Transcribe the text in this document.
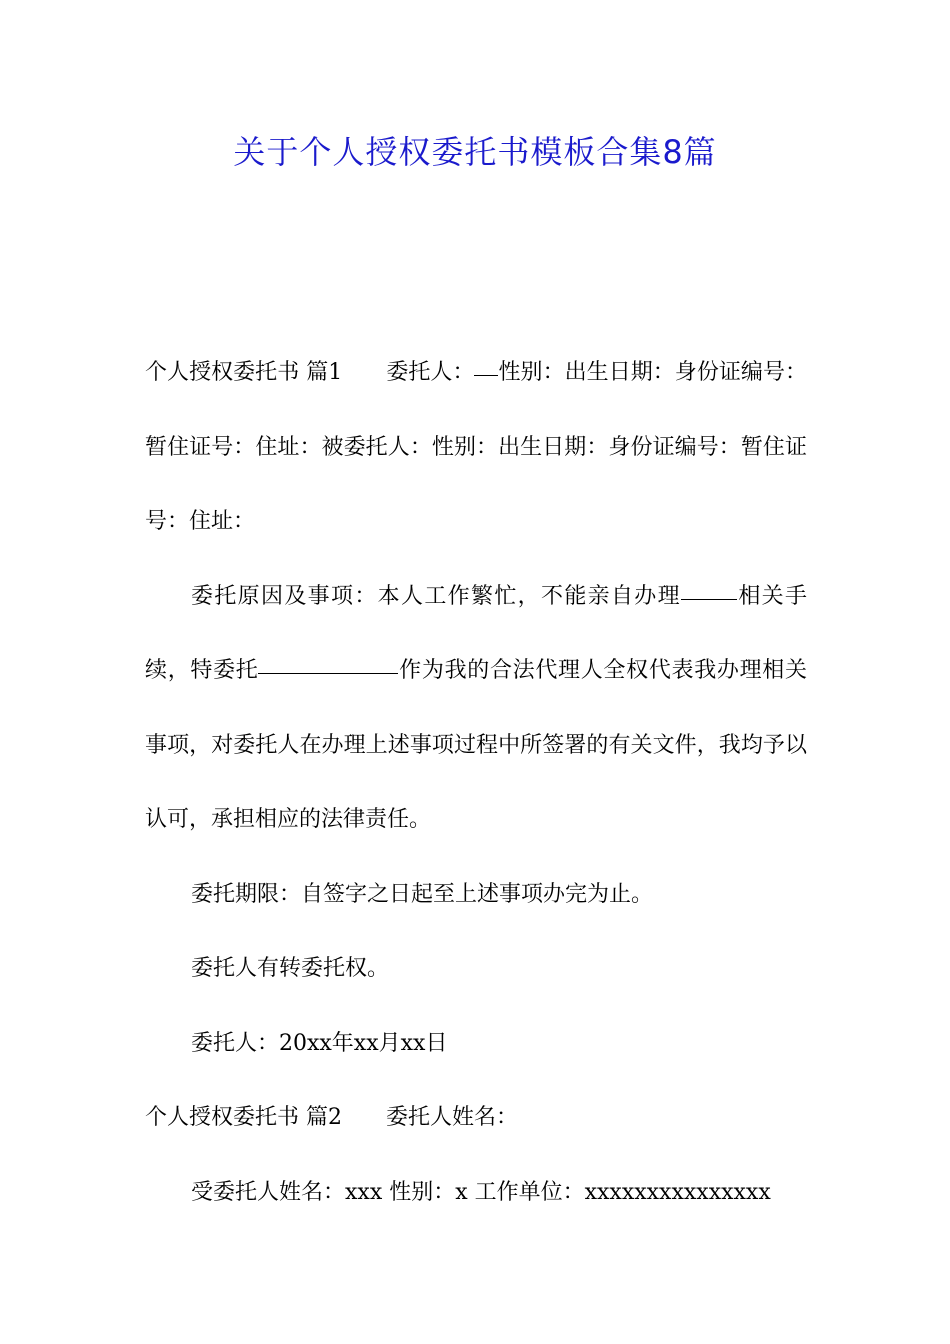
关于个人授权委托书模板合集8篇

个人授权委托书 篇1 委托人： 性别：出生日期：身份证编号：暂住证号：住址：被委托人：性别：出生日期：身份证编号：暂住证号：住址：

委托原因及事项：本人工作繁忙，不能亲自办理	相关手续，特委托	作为我的合法代理人全权代表我办理相关事项，对委托人在办理上述事项过程中所签署的有关文件，我均予以认可，承担相应的法律责任。

委托期限：自签字之日起至上述事项办完为止。

委托人有转委托权。

委托人：20xx年xx月xx日

个人授权委托书 篇2 委托人姓名：

受委托人姓名：xxx 性别：x 工作单位：xxxxxxxxxxxxxxx
